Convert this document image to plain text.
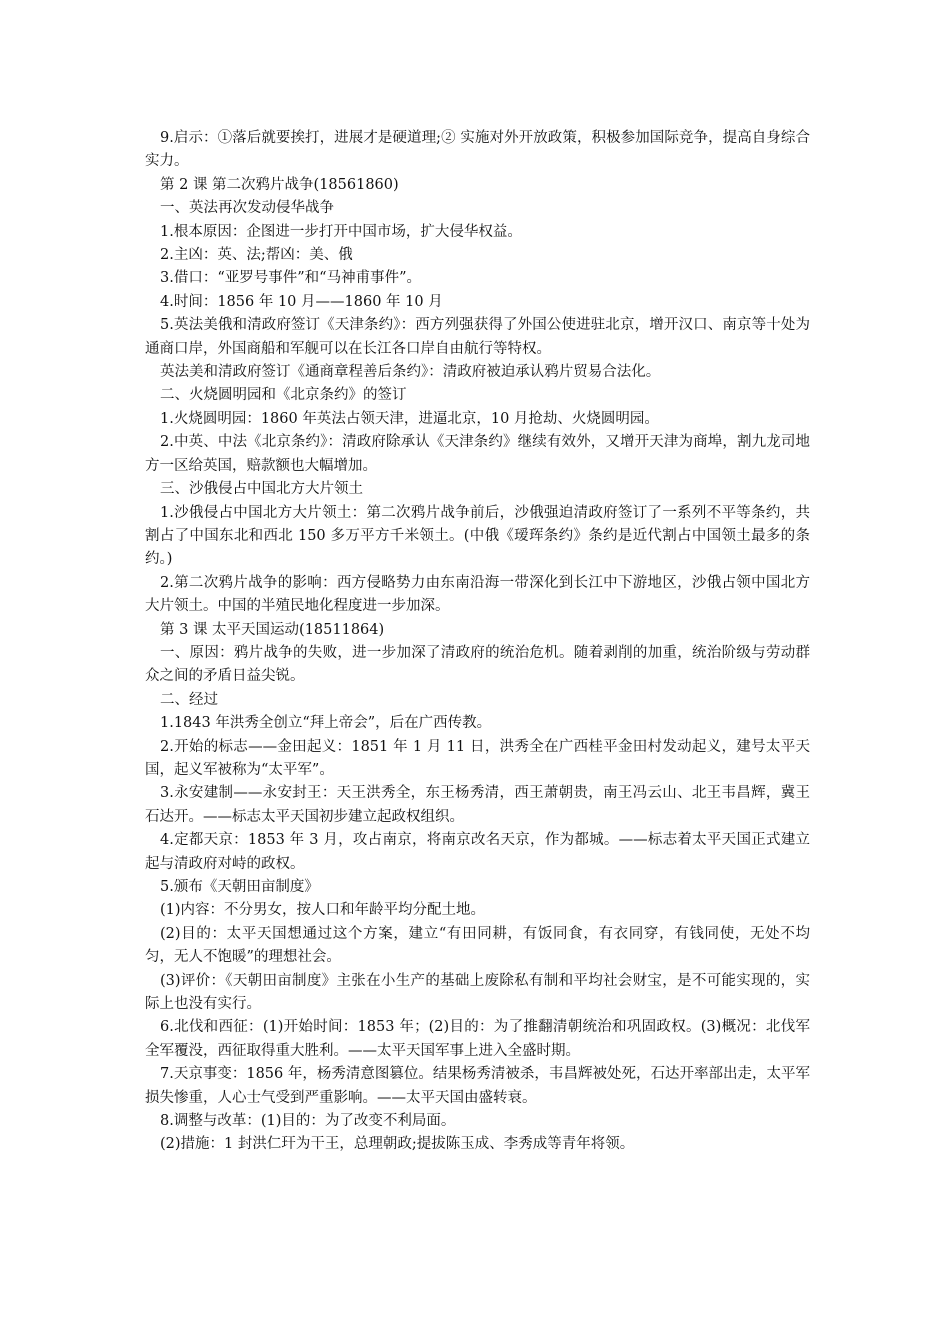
9.启示：①落后就要挨打，进展才是硬道理;② 实施对外开放政策，积极参加国际竞争，提高自身综合实力。

第 2 课 第二次鸦片战争(18561860)

一、英法再次发动侵华战争

1.根本原因：企图进一步打开中国市场，扩大侵华权益。

2.主凶：英、法;帮凶：美、俄

3.借口：“亚罗号事件”和“马神甫事件”。

4.时间：1856 年 10 月——1860 年 10 月

5.英法美俄和清政府签订《天津条约》：西方列强获得了外国公使进驻北京，增开汉口、南京等十处为通商口岸，外国商船和军舰可以在长江各口岸自由航行等特权。

英法美和清政府签订《通商章程善后条约》：清政府被迫承认鸦片贸易合法化。

二、火烧圆明园和《北京条约》的签订

1.火烧圆明园：1860 年英法占领天津，进逼北京，10 月抢劫、火烧圆明园。

2.中英、中法《北京条约》：清政府除承认《天津条约》继续有效外，又增开天津为商埠，割九龙司地方一区给英国，赔款额也大幅增加。

三、沙俄侵占中国北方大片领土

1.沙俄侵占中国北方大片领土：第二次鸦片战争前后，沙俄强迫清政府签订了一系列不平等条约，共割占了中国东北和西北 150 多万平方千米领土。(中俄《瑷珲条约》条约是近代割占中国领土最多的条约。)

2.第二次鸦片战争的影响：西方侵略势力由东南沿海一带深化到长江中下游地区，沙俄占领中国北方大片领土。中国的半殖民地化程度进一步加深。

第 3 课 太平天国运动(18511864)

一、原因：鸦片战争的失败，进一步加深了清政府的统治危机。随着剥削的加重，统治阶级与劳动群众之间的矛盾日益尖锐。

二、经过

1.1843 年洪秀全创立“拜上帝会”，后在广西传教。

2.开始的标志——金田起义：1851 年 1 月 11 日，洪秀全在广西桂平金田村发动起义，建号太平天国，起义军被称为“太平军”。

3.永安建制——永安封王：天王洪秀全，东王杨秀清，西王萧朝贵，南王冯云山、北王韦昌辉，冀王石达开。——标志太平天国初步建立起政权组织。

4.定都天京：1853 年 3 月，攻占南京，将南京改名天京，作为都城。——标志着太平天国正式建立起与清政府对峙的政权。

5.颁布《天朝田亩制度》

(1)内容：不分男女，按人口和年龄平均分配土地。

(2)目的：太平天国想通过这个方案，建立“有田同耕，有饭同食，有衣同穿，有钱同使，无处不均匀，无人不饱暖”的理想社会。

(3)评价：《天朝田亩制度》主张在小生产的基础上废除私有制和平均社会财宝，是不可能实现的，实际上也没有实行。

6.北伐和西征：(1)开始时间：1853 年；(2)目的：为了推翻清朝统治和巩固政权。(3)概况：北伐军全军覆没，西征取得重大胜利。——太平天国军事上进入全盛时期。

7.天京事变：1856 年，杨秀清意图篡位。结果杨秀清被杀，韦昌辉被处死，石达开率部出走，太平军损失惨重，人心士气受到严重影响。——太平天国由盛转衰。

8.调整与改革：(1)目的：为了改变不利局面。

(2)措施：1 封洪仁玕为干王，总理朝政;提拔陈玉成、李秀成等青年将领。
